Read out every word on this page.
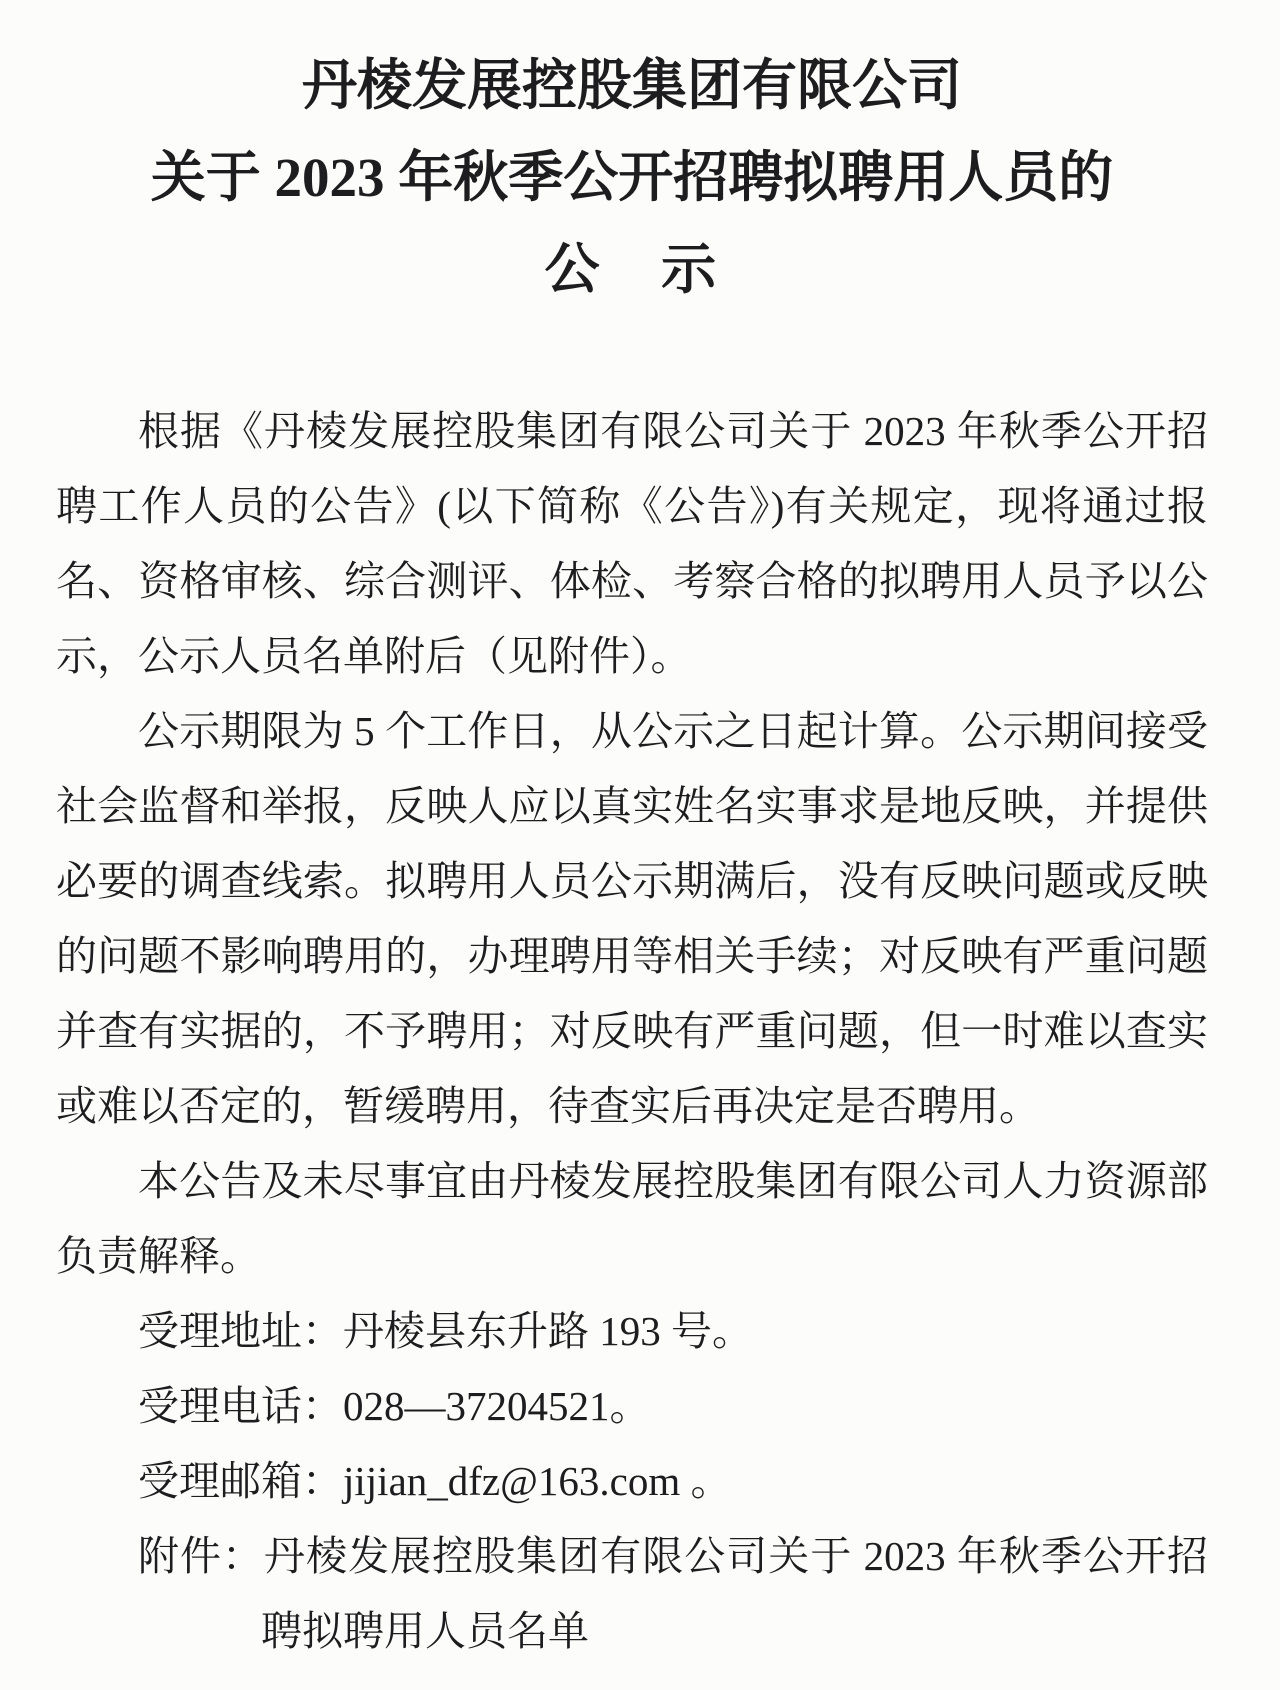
丹棱发展控股集团有限公司
关于 2023 年秋季公开招聘拟聘用人员的
公　示

根据《丹棱发展控股集团有限公司关于 2023 年秋季公开招聘工作人员的公告》(以下简称《公告》)有关规定，现将通过报名、资格审核、综合测评、体检、考察合格的拟聘用人员予以公示，公示人员名单附后（见附件）。

公示期限为 5 个工作日，从公示之日起计算。公示期间接受社会监督和举报，反映人应以真实姓名实事求是地反映，并提供必要的调查线索。拟聘用人员公示期满后，没有反映问题或反映的问题不影响聘用的，办理聘用等相关手续；对反映有严重问题并查有实据的，不予聘用；对反映有严重问题，但一时难以查实或难以否定的，暂缓聘用，待查实后再决定是否聘用。

本公告及未尽事宜由丹棱发展控股集团有限公司人力资源部负责解释。

受理地址：丹棱县东升路 193 号。

受理电话：028—37204521。

受理邮箱：jijian_dfz@163.com 。

附件：丹棱发展控股集团有限公司关于 2023 年秋季公开招聘拟聘用人员名单
